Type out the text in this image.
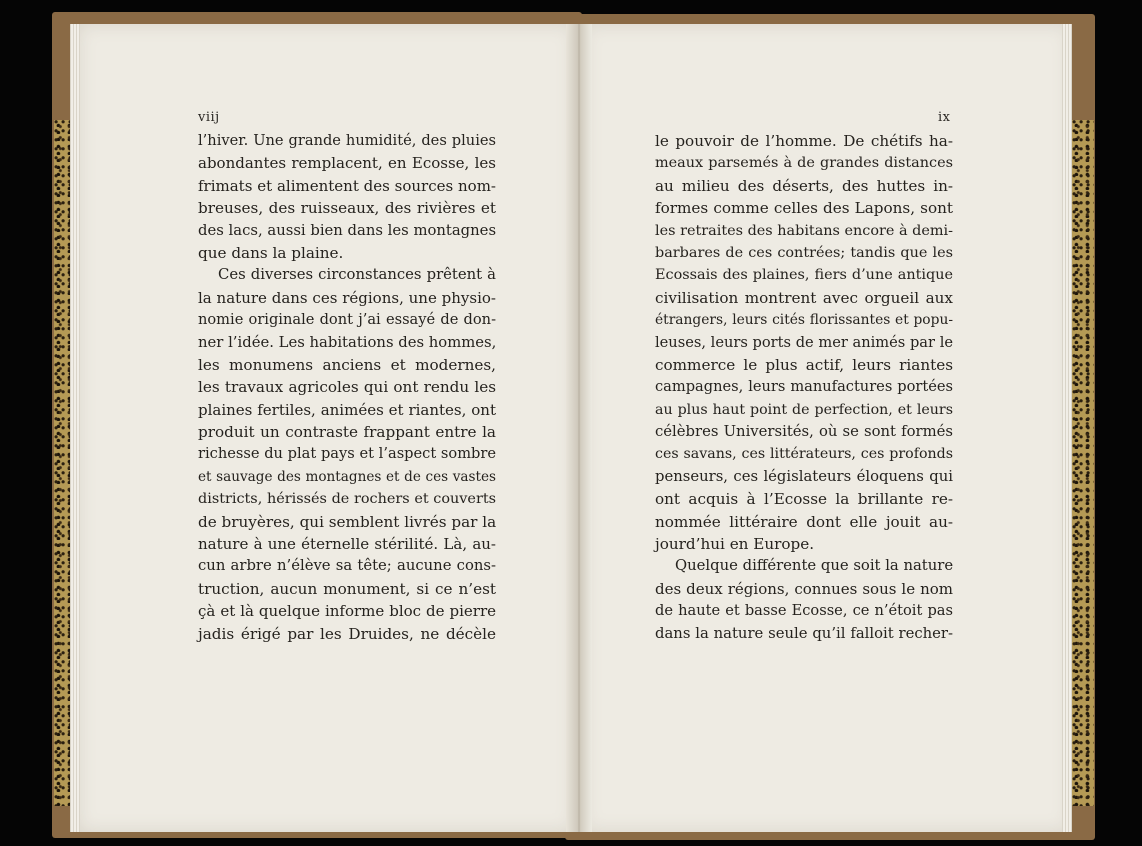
viij	ix
l’hiver. Une grande humidité, des pluies
abondantes remplacent, en Ecosse, les
frimats et alimentent des sources nom-
breuses, des ruisseaux, des rivières et
des lacs, aussi bien dans les montagnes
que dans la plaine.
Ces diverses circonstances prêtent à
la nature dans ces régions, une physio-
nomie originale dont j’ai essayé de don-
ner l’idée. Les habitations des hommes,
les monumens anciens et modernes,
les travaux agricoles qui ont rendu les
plaines fertiles, animées et riantes, ont
produit un contraste frappant entre la
richesse du plat pays et l’aspect sombre
et sauvage des montagnes et de ces vastes
districts, hérissés de rochers et couverts
de bruyères, qui semblent livrés par la
nature à une éternelle stérilité. Là, au-
cun arbre n’élève sa tête; aucune cons-
truction, aucun monument, si ce n’est
çà et là quelque informe bloc de pierre
jadis érigé par les Druides, ne décèle
le pouvoir de l’homme. De chétifs ha-
meaux parsemés à de grandes distances
au milieu des déserts, des huttes in-
formes comme celles des Lapons, sont
les retraites des habitans encore à demi-
barbares de ces contrées; tandis que les
Ecossais des plaines, fiers d’une antique
civilisation montrent avec orgueil aux
étrangers, leurs cités florissantes et popu-
leuses, leurs ports de mer animés par le
commerce le plus actif, leurs riantes
campagnes, leurs manufactures portées
au plus haut point de perfection, et leurs
célèbres Universités, où se sont formés
ces savans, ces littérateurs, ces profonds
penseurs, ces législateurs éloquens qui
ont acquis à l’Ecosse la brillante re-
nommée littéraire dont elle jouit au-
jourd’hui en Europe.
Quelque différente que soit la nature
des deux régions, connues sous le nom
de haute et basse Ecosse, ce n’étoit pas
dans la nature seule qu’il falloit recher-
